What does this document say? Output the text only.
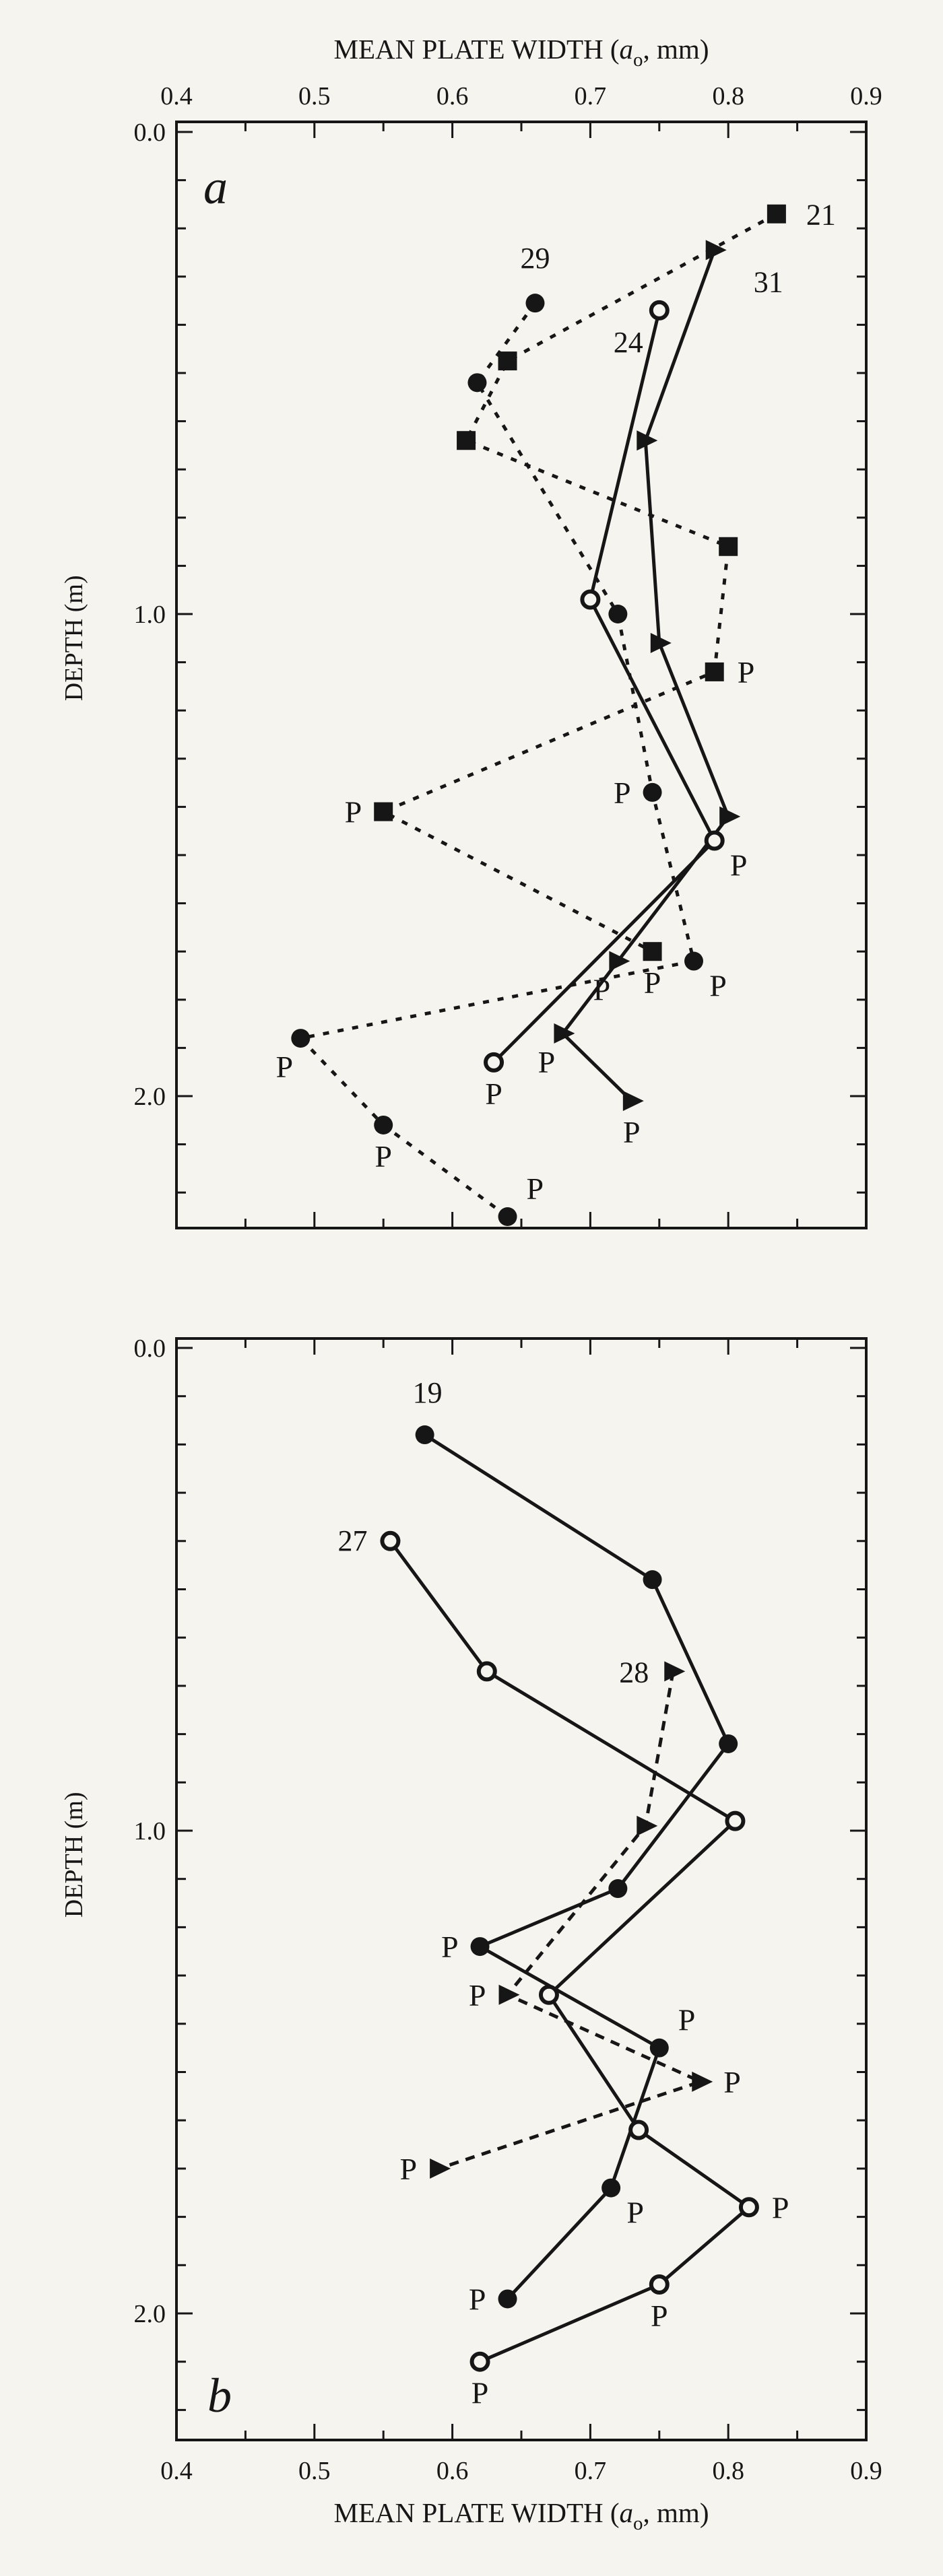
0.4	0.5	0.6	0.7	0.8	0.9
0.0
1.0
2.0
MEAN PLATE WIDTH ($a_o$, mm)
DEPTH (m)
a
P
P
P
21
P
P
P
31
P
P
P
P
P
29
P
P
24
0.4	0.5	0.6	0.7	0.8	0.9
0.0
1.0
2.0
MEAN PLATE WIDTH ($a_o$, mm)
DEPTH (m)
b
P
P
P
P
19
P
P
P
27
P
P
P
28
